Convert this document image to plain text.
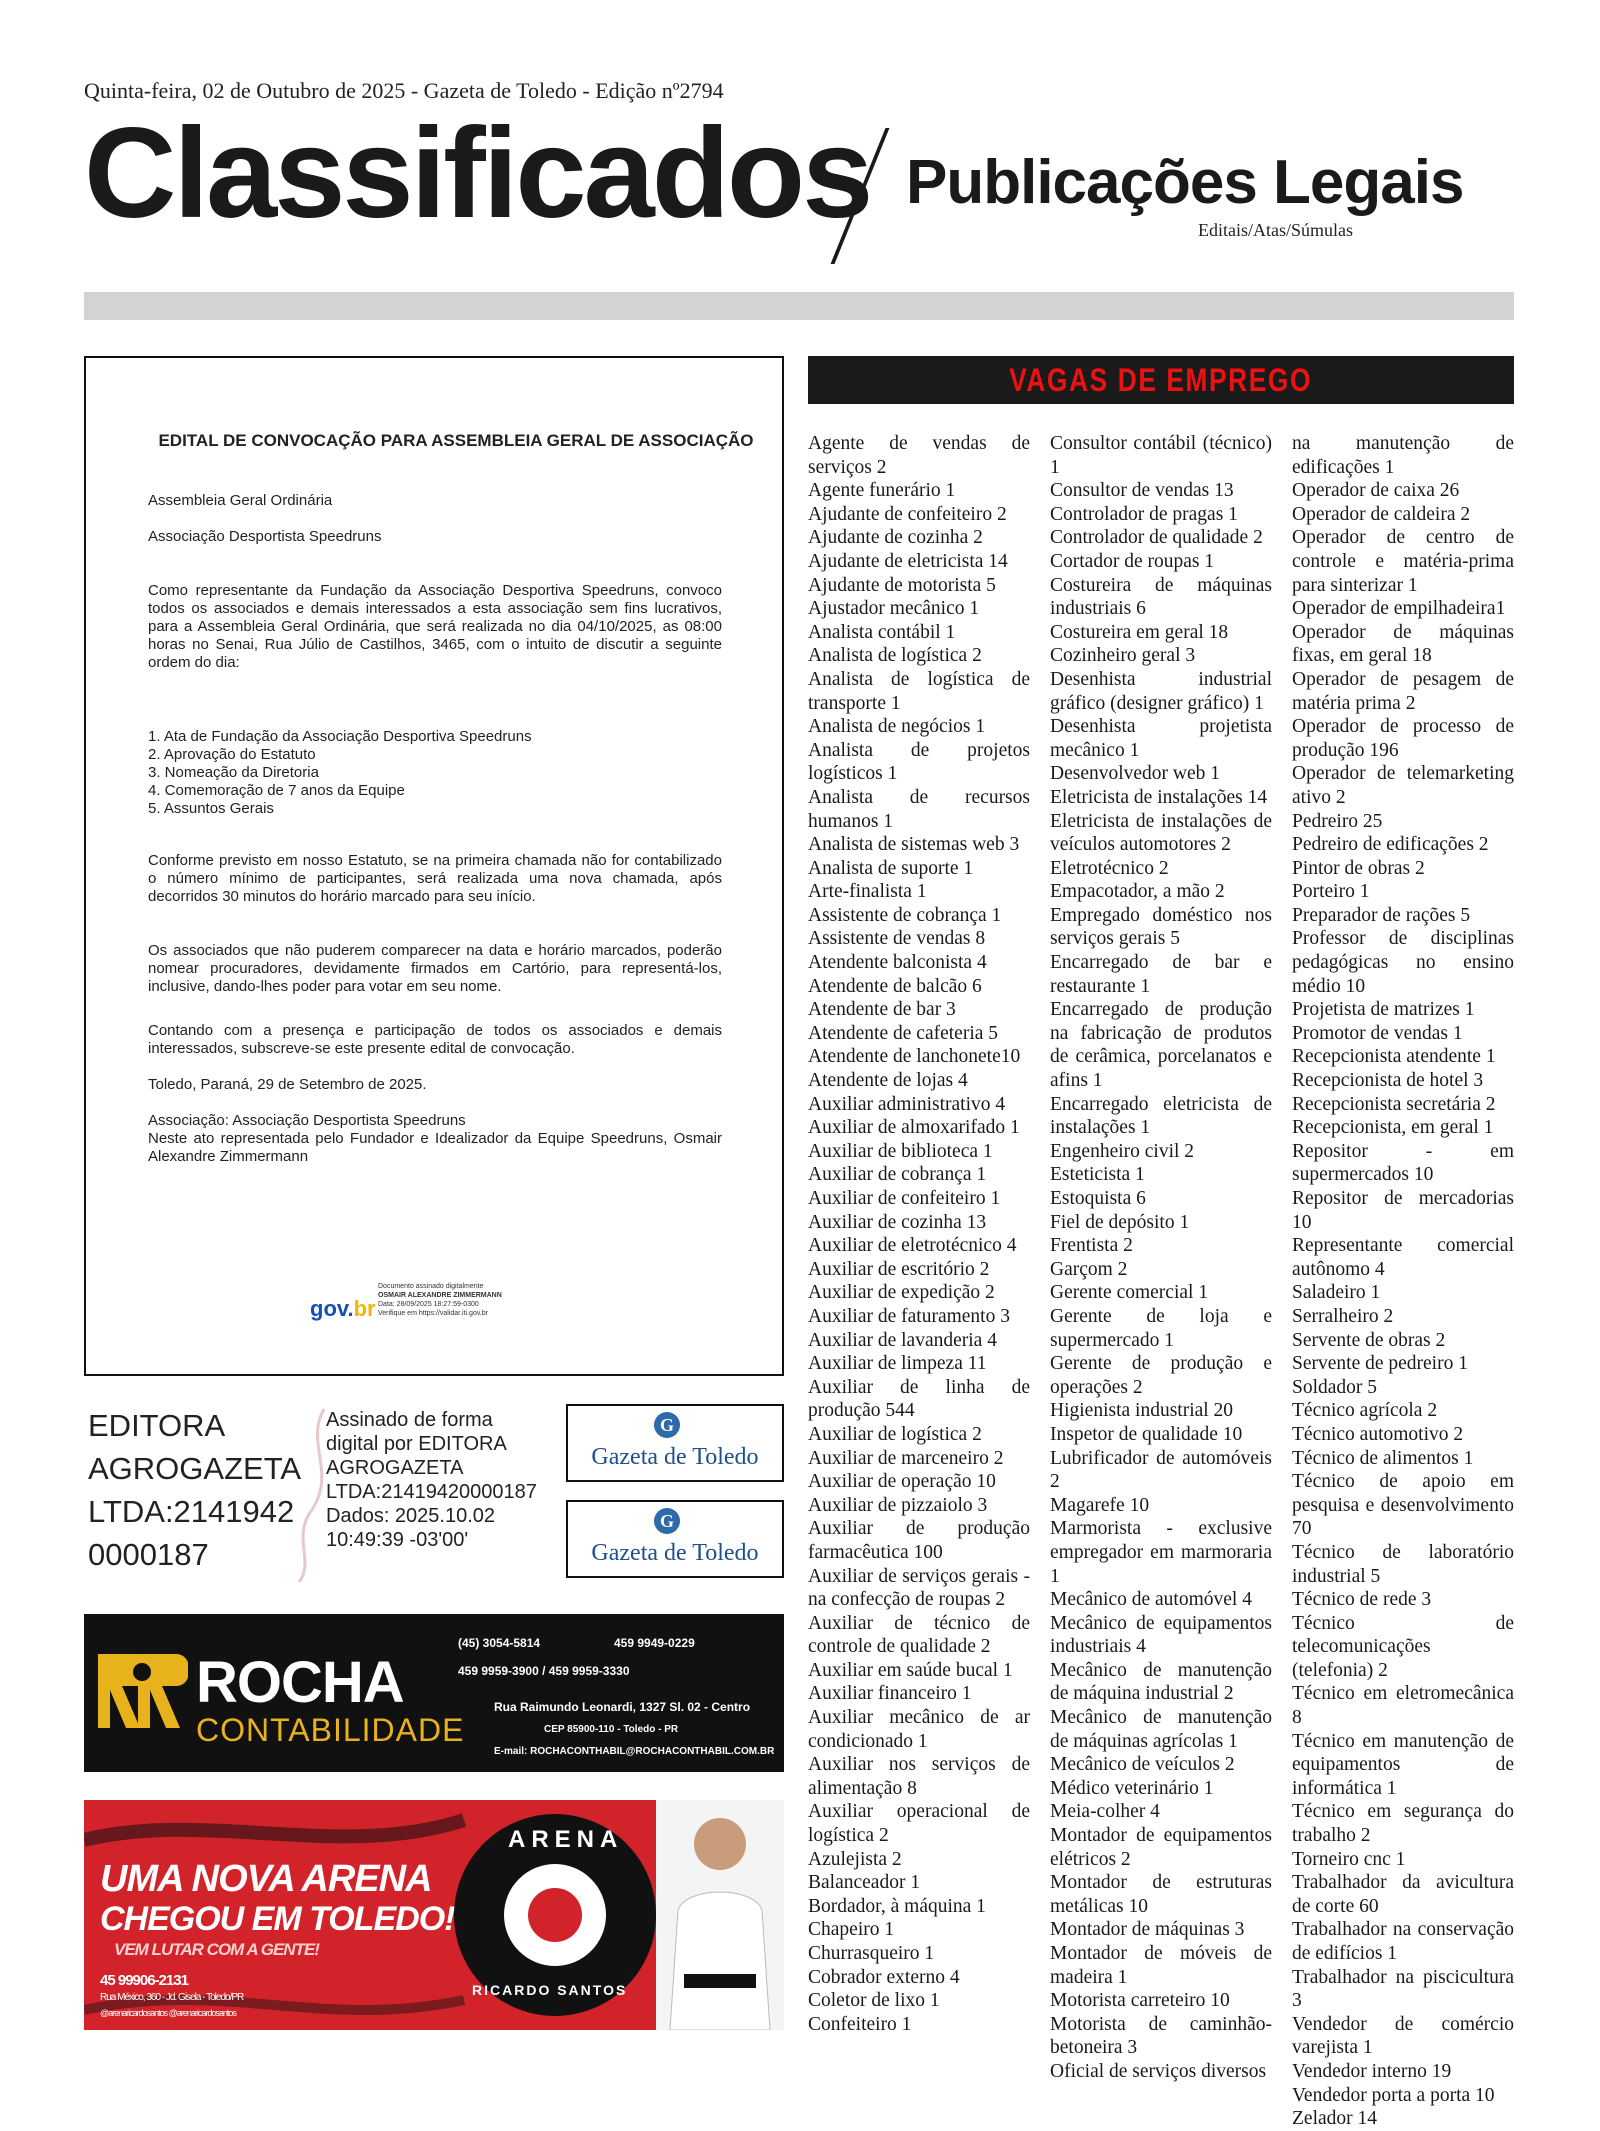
Quinta-feira, 02 de Outubro de 2025 - Gazeta de Toledo - Edição nº2794
Classificados Publicações Legais
Editais/Atas/Súmulas
EDITAL DE CONVOCAÇÃO PARA ASSEMBLEIA GERAL DE ASSOCIAÇÃO

Assembleia Geral Ordinária

Associação Desportista Speedruns

Como representante da Fundação da Associação Desportiva Speedruns, convoco todos os associados e demais interessados a esta associação sem fins lucrativos, para a Assembleia Geral Ordinária, que será realizada no dia 04/10/2025, as 08:00 horas no Senai, Rua Júlio de Castilhos, 3465, com o intuito de discutir a seguinte ordem do dia:

1. Ata de Fundação da Associação Desportiva Speedruns
2. Aprovação do Estatuto
3. Nomeação da Diretoria
4. Comemoração de 7 anos da Equipe
5. Assuntos Gerais

Conforme previsto em nosso Estatuto, se na primeira chamada não for contabilizado o número mínimo de participantes, será realizada uma nova chamada, após decorridos 30 minutos do horário marcado para seu início.

Os associados que não puderem comparecer na data e horário marcados, poderão nomear procuradores, devidamente firmados em Cartório, para representá-los, inclusive, dando-lhes poder para votar em seu nome.

Contando com a presença e participação de todos os associados e demais interessados, subscreve-se este presente edital de convocação.

Toledo, Paraná, 29 de Setembro de 2025.

Associação: Associação Desportista Speedruns

Neste ato representada pelo Fundador e Idealizador da Equipe Speedruns, Osmair Alexandre Zimmermann

gov.br
Documento assinado digitalmente
OSMAIR ALEXANDRE ZIMMERMANN
Data: 28/09/2025 18:27:59-0300
Verifique em https://validar.iti.gov.br
EDITORA
AGROGAZETA
LTDA:2141942
0000187
Assinado de forma
digital por EDITORA
AGROGAZETA
LTDA:21419420000187
Dados: 2025.10.02
10:49:39 -03'00'
G
Gazeta de Toledo
G
Gazeta de Toledo
ROCHA
CONTABILIDADE
(45) 3054-5814	459 9949-0229
459 9959-3900 / 459 9959-3330
Rua Raimundo Leonardi, 1327 Sl. 02 - Centro
CEP 85900-110 - Toledo - PR
E-mail: ROCHACONTHABIL@ROCHACONTHABIL.COM.BR
UMA NOVA ARENA
CHEGOU EM TOLEDO!
VEM LUTAR COM A GENTE!
45 99906-2131
Rua México, 360 - Jd. Gisela - Toledo/PR
@arenaricardosantos @arenaricardosantos
ARENA
RICARDO SANTOS
VAGAS DE EMPREGO
Agente de vendas de serviços 2
Agente funerário 1
Ajudante de confeiteiro 2
Ajudante de cozinha 2
Ajudante de eletricista 14
Ajudante de motorista 5
Ajustador mecânico 1
Analista contábil 1
Analista de logística 2
Analista de logística de transporte 1
Analista de negócios 1
Analista de projetos logísticos 1
Analista de recursos humanos 1
Analista de sistemas web 3
Analista de suporte 1
Arte-finalista 1
Assistente de cobrança 1
Assistente de vendas 8
Atendente balconista 4
Atendente de balcão 6
Atendente de bar 3
Atendente de cafeteria 5
Atendente de lanchonete10
Atendente de lojas 4
Auxiliar administrativo 4
Auxiliar de almoxarifado 1
Auxiliar de biblioteca 1
Auxiliar de cobrança 1
Auxiliar de confeiteiro 1
Auxiliar de cozinha 13
Auxiliar de eletrotécnico 4
Auxiliar de escritório 2
Auxiliar de expedição 2
Auxiliar de faturamento 3
Auxiliar de lavanderia 4
Auxiliar de limpeza 11
Auxiliar de linha de produção 544
Auxiliar de logística 2
Auxiliar de marceneiro 2
Auxiliar de operação 10
Auxiliar de pizzaiolo 3
Auxiliar de produção farmacêutica 100
Auxiliar de serviços gerais - na confecção de roupas 2
Auxiliar de técnico de controle de qualidade 2
Auxiliar em saúde bucal 1
Auxiliar financeiro 1
Auxiliar mecânico de ar condicionado 1
Auxiliar nos serviços de alimentação 8
Auxiliar operacional de logística 2
Azulejista 2
Balanceador 1
Bordador, à máquina 1
Chapeiro 1
Churrasqueiro 1
Cobrador externo 4
Coletor de lixo 1
Confeiteiro 1
Consultor contábil (técnico) 1
Consultor de vendas 13
Controlador de pragas 1
Controlador de qualidade 2
Cortador de roupas 1
Costureira de máquinas industriais 6
Costureira em geral 18
Cozinheiro geral 3
Desenhista industrial gráfico (designer gráfico) 1
Desenhista projetista mecânico 1
Desenvolvedor web 1
Eletricista de instalações 14
Eletricista de instalações de veículos automotores 2
Eletrotécnico 2
Empacotador, a mão 2
Empregado doméstico nos serviços gerais 5
Encarregado de bar e restaurante 1
Encarregado de produção na fabricação de produtos de cerâmica, porcelanatos e afins 1
Encarregado eletricista de instalações 1
Engenheiro civil 2
Esteticista 1
Estoquista 6
Fiel de depósito 1
Frentista 2
Garçom 2
Gerente comercial 1
Gerente de loja e supermercado 1
Gerente de produção e operações 2
Higienista industrial 20
Inspetor de qualidade 10
Lubrificador de automóveis 2
Magarefe 10
Marmorista - exclusive empregador em marmoraria 1
Mecânico de automóvel 4
Mecânico de equipamentos industriais 4
Mecânico de manutenção de máquina industrial 2
Mecânico de manutenção de máquinas agrícolas 1
Mecânico de veículos 2
Médico veterinário 1
Meia-colher 4
Montador de equipamentos elétricos 2
Montador de estruturas metálicas 10
Montador de máquinas 3
Montador de móveis de madeira 1
Motorista carreteiro 10
Motorista de caminhão-betoneira 3
Oficial de serviços diversos
na manutenção de edificações 1
Operador de caixa 26
Operador de caldeira 2
Operador de centro de controle e matéria-prima para sinterizar 1
Operador de empilhadeira1
Operador de máquinas fixas, em geral 18
Operador de pesagem de matéria prima 2
Operador de processo de produção 196
Operador de telemarketing ativo 2
Pedreiro 25
Pedreiro de edificações 2
Pintor de obras 2
Porteiro 1
Preparador de rações 5
Professor de disciplinas pedagógicas no ensino médio 10
Projetista de matrizes 1
Promotor de vendas 1
Recepcionista atendente 1
Recepcionista de hotel 3
Recepcionista secretária 2
Recepcionista, em geral 1
Repositor - em supermercados 10
Repositor de mercadorias 10
Representante comercial autônomo 4
Saladeiro 1
Serralheiro 2
Servente de obras 2
Servente de pedreiro 1
Soldador 5
Técnico agrícola 2
Técnico automotivo 2
Técnico de alimentos 1
Técnico de apoio em pesquisa e desenvolvimento 70
Técnico de laboratório industrial 5
Técnico de rede 3
Técnico de telecomunicações (telefonia) 2
Técnico em eletromecânica 8
Técnico em manutenção de equipamentos de informática 1
Técnico em segurança do trabalho 2
Torneiro cnc 1
Trabalhador da avicultura de corte 60
Trabalhador na conservação de edifícios 1
Trabalhador na piscicultura 3
Vendedor de comércio varejista 1
Vendedor interno 19
Vendedor porta a porta 10
Zelador 14
